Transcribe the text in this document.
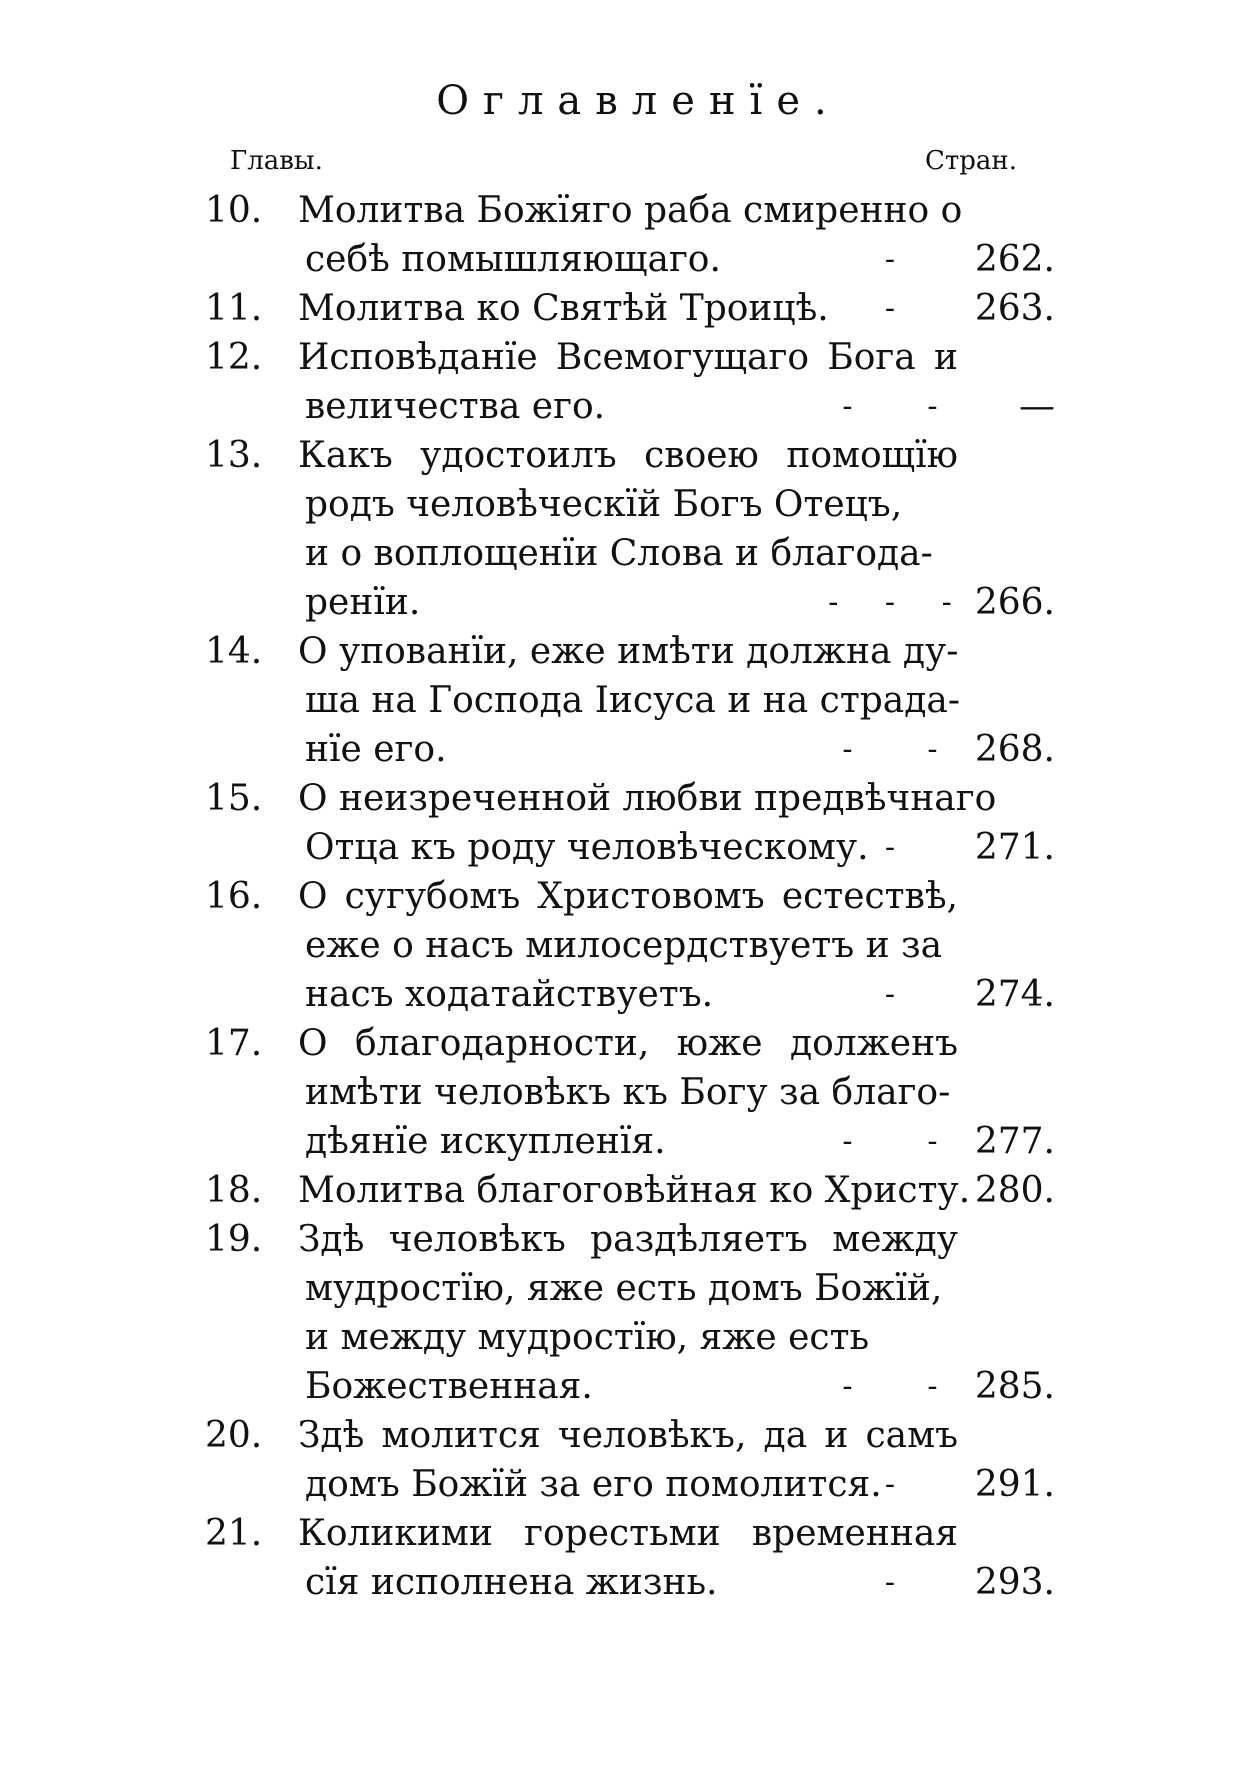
Оглавленïе.
Главы.	Стран.
10. Молитва Божïяго раба смиренно о
себѣ помышляющаго.	- 262.
11. Молитва ко Святѣй Троицѣ.	- 263.
12. Исповѣданïе Всемогущаго Бога и
величества его.	- -	—
13. Какъ удостоилъ своею помощïю
родъ человѣческïй Богъ Отецъ,
и о воплощенïи Слова и благода-
ренïи.	- - - 266.
14. О упованïи, еже имѣти должна ду-
ша на Господа Iисуса и на страда-
нïе его.	- - 268.
15. О неизреченной любви предвѣчнаго
Отца къ роду человѣческому. - 271.
16. О сугубомъ Христовомъ естествѣ,
еже о насъ милосердствуетъ и за
насъ ходатайствуетъ.	- 274.
17. О благодарности, юже долженъ
имѣти человѣкъ къ Богу за благо-
дѣянïе искупленïя.	- - 277.
18. Молитва благоговѣйная ко Христу. 280.
19. Здѣ человѣкъ раздѣляетъ между
мудростïю, яже есть домъ Божïй,
и между мудростïю, яже есть
Божественная.	- - 285.
20. Здѣ молится человѣкъ, да и самъ
домъ Божïй за его помолится. - 291.
21. Коликими горестьми временная
сïя исполнена жизнь.	- 293.
